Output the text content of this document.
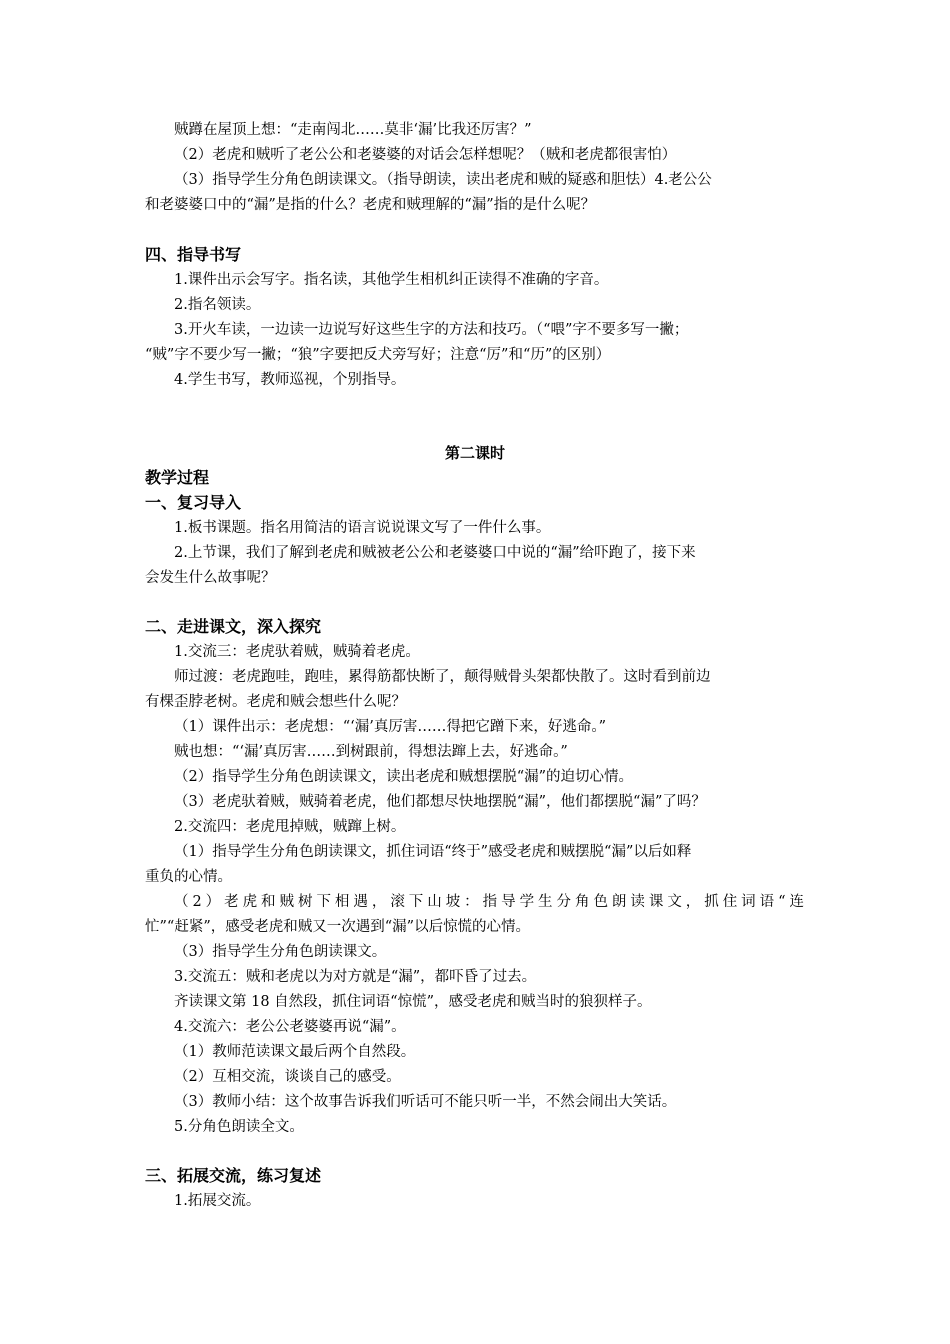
贼蹲在屋顶上想：“走南闯北……莫非‘漏’比我还厉害？”
（2）老虎和贼听了老公公和老婆婆的对话会怎样想呢？（贼和老虎都很害怕）
（3）指导学生分角色朗读课文。（指导朗读，读出老虎和贼的疑惑和胆怯）4.老公公
和老婆婆口中的“漏”是指的什么？老虎和贼理解的“漏”指的是什么呢？
四、指导书写
1.课件出示会写字。指名读，其他学生相机纠正读得不准确的字音。
2.指名领读。
3.开火车读，一边读一边说写好这些生字的方法和技巧。（“喂”字不要多写一撇；
“贼”字不要少写一撇；“狼”字要把反犬旁写好；注意“厉”和“历”的区别）
4.学生书写，教师巡视，个别指导。
第二课时
教学过程
一、复习导入
1.板书课题。指名用简洁的语言说说课文写了一件什么事。
2.上节课，我们了解到老虎和贼被老公公和老婆婆口中说的“漏”给吓跑了，接下来
会发生什么故事呢？
二、走进课文，深入探究
1.交流三：老虎驮着贼，贼骑着老虎。
师过渡：老虎跑哇，跑哇，累得筋都快断了，颠得贼骨头架都快散了。这时看到前边
有棵歪脖老树。老虎和贼会想些什么呢？
（1）课件出示：老虎想：“‘漏’真厉害……得把它蹭下来，好逃命。”
贼也想：“‘漏’真厉害……到树跟前，得想法蹿上去，好逃命。”
（2）指导学生分角色朗读课文，读出老虎和贼想摆脱“漏”的迫切心情。
（3）老虎驮着贼，贼骑着老虎，他们都想尽快地摆脱“漏”，他们都摆脱“漏”了吗？
2.交流四：老虎甩掉贼，贼蹿上树。
（1）指导学生分角色朗读课文，抓住词语“终于”感受老虎和贼摆脱“漏”以后如释
重负的心情。
（2）老虎和贼树下相遇，滚下山坡：指导学生分角色朗读课文，抓住词语“连
忙”“赶紧”，感受老虎和贼又一次遇到“漏”以后惊慌的心情。
（3）指导学生分角色朗读课文。
3.交流五：贼和老虎以为对方就是“漏”，都吓昏了过去。
齐读课文第 18 自然段，抓住词语“惊慌”，感受老虎和贼当时的狼狈样子。
4.交流六：老公公老婆婆再说“漏”。
（1）教师范读课文最后两个自然段。
（2）互相交流，谈谈自己的感受。
（3）教师小结：这个故事告诉我们听话可不能只听一半，不然会闹出大笑话。
5.分角色朗读全文。
三、拓展交流，练习复述
1.拓展交流。
